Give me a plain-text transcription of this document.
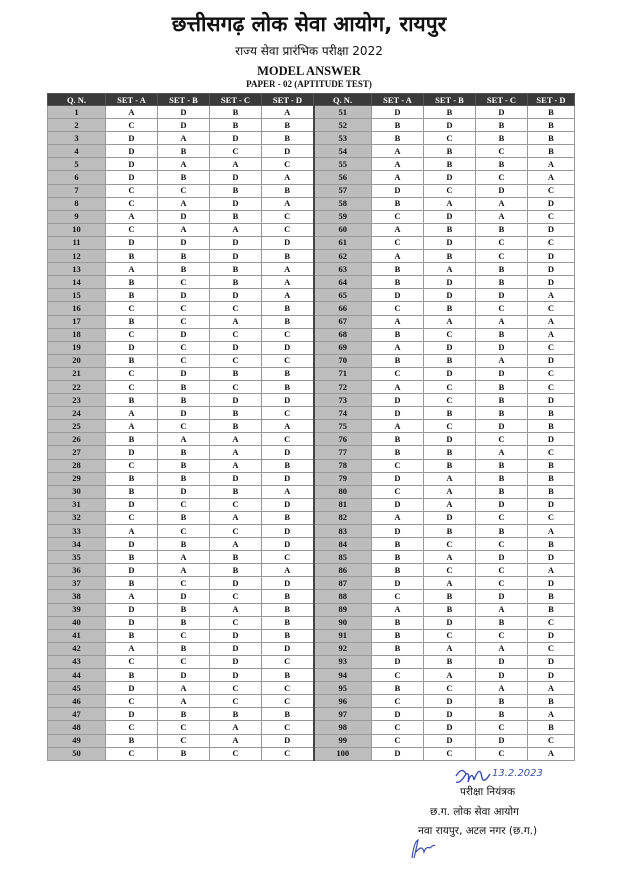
छत्तीसगढ़ लोक सेवा आयोग, रायपुर
राज्य सेवा प्रारंभिक परीक्षा 2022
MODEL ANSWER
PAPER - 02 (APTITUDE TEST)
Q. N.	SET - A	SET - B	SET - C	SET - D	Q. N.	SET - A	SET - B	SET - C	SET - D
1	A	D	B	A	51	D	B	D	B
2	C	D	B	B	52	B	D	B	B
3	D	A	D	B	53	B	C	B	B
4	D	B	C	D	54	A	B	C	B
5	D	A	A	C	55	A	B	B	A
6	D	B	D	A	56	A	D	C	A
7	C	C	B	B	57	D	C	D	C
8	C	A	D	A	58	B	A	A	D
9	A	D	B	C	59	C	D	A	C
10	C	A	A	C	60	A	B	B	D
11	D	D	D	D	61	C	D	C	C
12	B	B	D	B	62	A	B	C	D
13	A	B	B	A	63	B	A	B	D
14	B	C	B	A	64	B	D	B	D
15	B	D	D	A	65	D	D	D	A
16	C	C	C	B	66	C	B	C	C
17	B	C	A	B	67	A	A	A	A
18	C	D	C	C	68	B	C	B	A
19	D	C	D	D	69	A	D	D	C
20	B	C	C	C	70	B	B	A	D
21	C	D	B	B	71	C	D	D	C
22	C	B	C	B	72	A	C	B	C
23	B	B	D	D	73	D	C	B	D
24	A	D	B	C	74	D	B	B	B
25	A	C	B	A	75	A	C	D	B
26	B	A	A	C	76	B	D	C	D
27	D	B	A	D	77	B	B	A	C
28	C	B	A	B	78	C	B	B	B
29	B	B	D	D	79	D	A	B	B
30	B	D	B	A	80	C	A	B	B
31	D	C	C	D	81	D	A	D	D
32	C	B	A	B	82	A	D	C	C
33	A	C	C	D	83	D	B	B	A
34	D	B	A	D	84	B	C	C	B
35	B	A	B	C	85	B	A	D	D
36	D	A	B	A	86	B	C	C	A
37	B	C	D	D	87	D	A	C	D
38	A	D	C	B	88	C	B	D	B
39	D	B	A	B	89	A	B	A	B
40	D	B	C	B	90	B	D	B	C
41	B	C	D	B	91	B	C	C	D
42	A	B	D	D	92	B	A	A	C
43	C	C	D	C	93	D	B	D	D
44	B	D	D	B	94	C	A	D	D
45	D	A	C	C	95	B	C	A	A
46	C	A	C	C	96	C	D	B	B
47	D	B	B	B	97	D	D	B	A
48	C	C	A	C	98	C	D	C	B
49	B	C	A	D	99	C	D	D	C
50	C	B	C	C	100	D	C	C	A
13.2.2023
परीक्षा नियंत्रक
छ.ग. लोक सेवा आयोग
नवा रायपुर, अटल नगर (छ.ग.)
